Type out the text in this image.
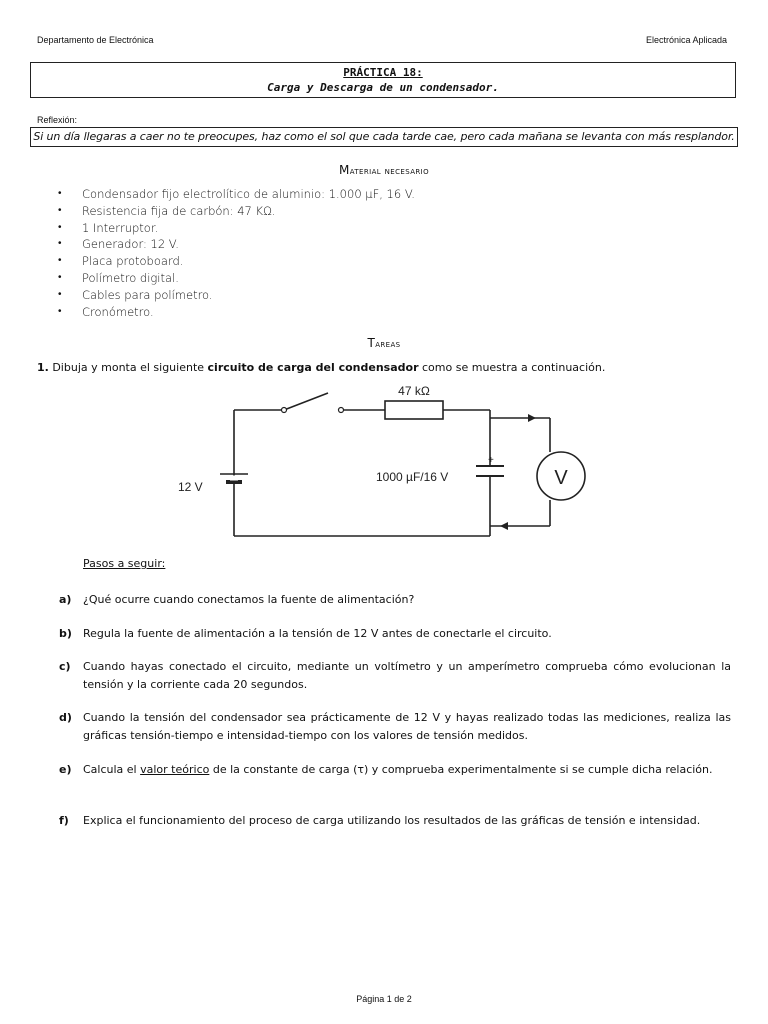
Departamento de Electrónica	Electrónica Aplicada
PRÁCTICA 18:
Carga y Descarga de un condensador.
Reflexión:
Si un día llegaras a caer no te preocupes, haz como el sol que cada tarde cae, pero cada mañana se levanta con más resplandor.
Material necesario
• Condensador fijo electrolítico de aluminio: 1.000 µF, 16 V.
• Resistencia fija de carbón: 47 KΩ.
• 1 Interruptor.
• Generador: 12 V.
• Placa protoboard.
• Polímetro digital.
• Cables para polímetro.
• Cronómetro.
Tareas
1. Dibuja y monta el siguiente circuito de carga del condensador como se muestra a continuación.
47 kΩ
12 V
1000 µF/16 V
+
V
Pasos a seguir:
a) ¿Qué ocurre cuando conectamos la fuente de alimentación?
b) Regula la fuente de alimentación a la tensión de 12 V antes de conectarle el circuito.
c) Cuando hayas conectado el circuito, mediante un voltímetro y un amperímetro comprueba cómo evolucionan la tensión y la corriente cada 20 segundos.
d) Cuando la tensión del condensador sea prácticamente de 12 V y hayas realizado todas las mediciones, realiza las gráficas tensión-tiempo e intensidad-tiempo con los valores de tensión medidos.
e) Calcula el valor teórico de la constante de carga (τ) y comprueba experimentalmente si se cumple dicha relación.
f) Explica el funcionamiento del proceso de carga utilizando los resultados de las gráficas de tensión e intensidad.
Página 1 de 2
